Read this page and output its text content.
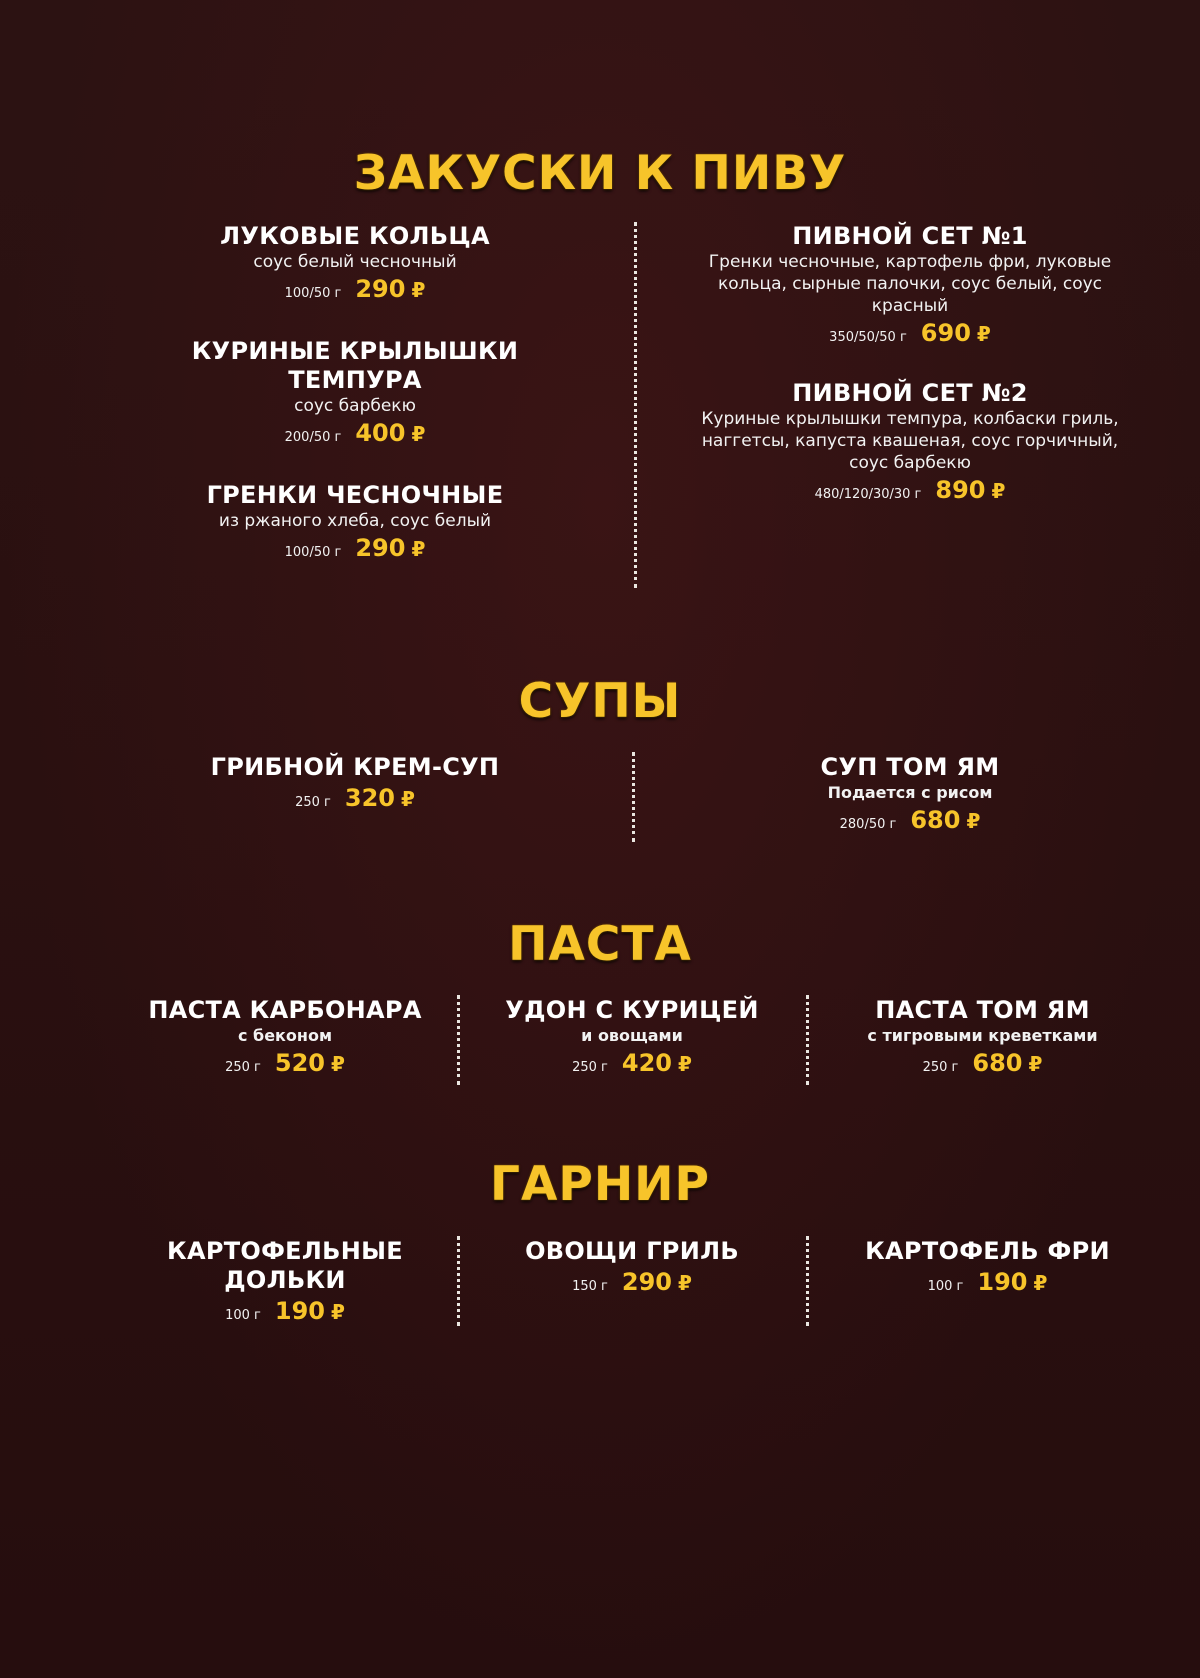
ЗАКУСКИ К ПИВУ
ЛУКОВЫЕ КОЛЬЦА
соус белый чесночный
100/50 г 290 ₽
КУРИНЫЕ КРЫЛЫШКИ ТЕМПУРА
соус барбекю
200/50 г 400 ₽
ГРЕНКИ ЧЕСНОЧНЫЕ
из ржаного хлеба, соус белый
100/50 г 290 ₽
ПИВНОЙ СЕТ №1
Гренки чесночные, картофель фри, луковые кольца, сырные палочки, соус белый, соус красный
350/50/50 г 690 ₽
ПИВНОЙ СЕТ №2
Куриные крылышки темпура, колбаски гриль, наггетсы, капуста квашеная, соус горчичный, соус барбекю
480/120/30/30 г 890 ₽
СУПЫ
ГРИБНОЙ КРЕМ-СУП
250 г 320 ₽
СУП ТОМ ЯМ
Подается с рисом
280/50 г 680 ₽
ПАСТА
ПАСТА КАРБОНАРА
с беконом
250 г 520 ₽
УДОН С КУРИЦЕЙ
и овощами
250 г 420 ₽
ПАСТА ТОМ ЯМ
с тигровыми креветками
250 г 680 ₽
ГАРНИР
КАРТОФЕЛЬНЫЕ ДОЛЬКИ
100 г 190 ₽
ОВОЩИ ГРИЛЬ
150 г 290 ₽
КАРТОФЕЛЬ ФРИ
100 г 190 ₽
